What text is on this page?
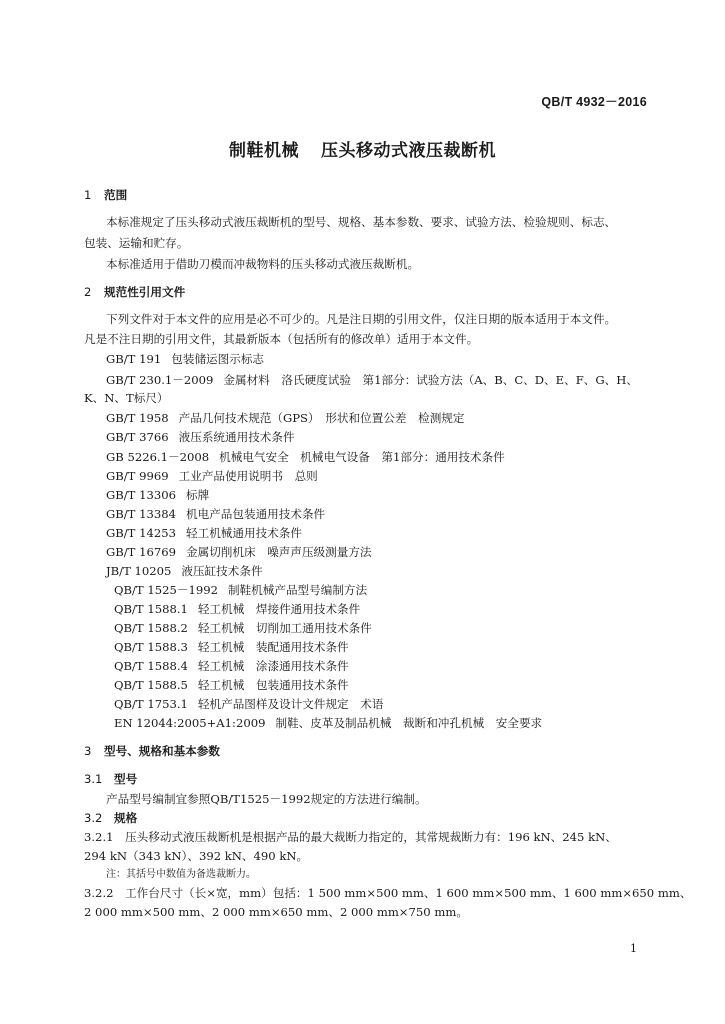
QB/T 4932－2016
制鞋机械 压头移动式液压裁断机
1 范围
本标准规定了压头移动式液压裁断机的型号、规格、基本参数、要求、试验方法、检验规则、标志、
包装、运输和贮存。
本标准适用于借助刀模而冲裁物料的压头移动式液压裁断机。
2 规范性引用文件
下列文件对于本文件的应用是必不可少的。凡是注日期的引用文件，仅注日期的版本适用于本文件。
凡是不注日期的引用文件，其最新版本（包括所有的修改单）适用于本文件。
GB/T 191 包装储运图示标志
GB/T 230.1－2009 金属材料　洛氏硬度试验　第1部分：试验方法（A、B、C、D、E、F、G、H、
K、N、T标尺）
GB/T 1958 产品几何技术规范（GPS）　形状和位置公差　检测规定
GB/T 3766 液压系统通用技术条件
GB 5226.1－2008 机械电气安全　机械电气设备　第1部分：通用技术条件
GB/T 9969 工业产品使用说明书　总则
GB/T 13306 标牌
GB/T 13384 机电产品包装通用技术条件
GB/T 14253 轻工机械通用技术条件
GB/T 16769 金属切削机床　噪声声压级测量方法
JB/T 10205 液压缸技术条件
QB/T 1525－1992 制鞋机械产品型号编制方法
QB/T 1588.1 轻工机械　焊接件通用技术条件
QB/T 1588.2 轻工机械　切削加工通用技术条件
QB/T 1588.3 轻工机械　装配通用技术条件
QB/T 1588.4 轻工机械　涂漆通用技术条件
QB/T 1588.5 轻工机械　包装通用技术条件
QB/T 1753.1 轻机产品图样及设计文件规定　术语
EN 12044:2005+A1:2009 制鞋、皮革及制品机械　裁断和冲孔机械　安全要求
3 型号、规格和基本参数
3.1 型号
产品型号编制宜参照QB/T1525－1992规定的方法进行编制。
3.2 规格
3.2.1　压头移动式液压裁断机是根据产品的最大裁断力指定的，其常规裁断力有：196 kN、245 kN、
294 kN（343 kN）、392 kN、490 kN。
注：其括号中数值为备选裁断力。
3.2.2　工作台尺寸（长×宽，mm）包括：1 500 mm×500 mm、1 600 mm×500 mm、1 600 mm×650 mm、
2 000 mm×500 mm、2 000 mm×650 mm、2 000 mm×750 mm。
1
